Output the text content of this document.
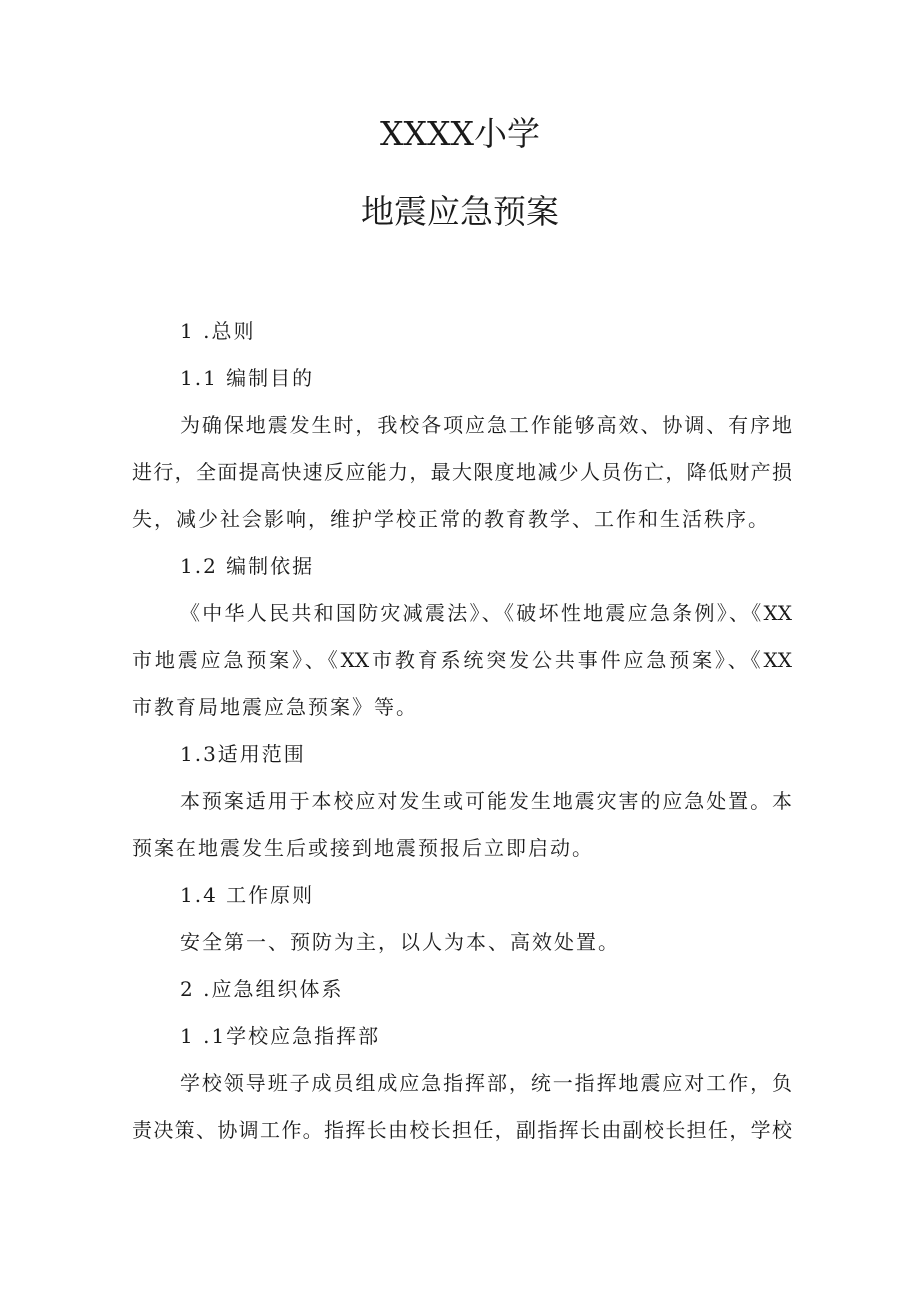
XXXX小学
地震应急预案
1 .总则
1.1 编制目的
为确保地震发生时，我校各项应急工作能够高效、协调、有序地
进行，全面提高快速反应能力，最大限度地减少人员伤亡，降低财产损
失，减少社会影响，维护学校正常的教育教学、工作和生活秩序。
1.2 编制依据
《中华人民共和国防灾减震法》、《破坏性地震应急条例》、《XX
市地震应急预案》、《XX市教育系统突发公共事件应急预案》、《XX
市教育局地震应急预案》等。
1.3适用范围
本预案适用于本校应对发生或可能发生地震灾害的应急处置。本
预案在地震发生后或接到地震预报后立即启动。
1.4 工作原则
安全第一、预防为主，以人为本、高效处置。
2 .应急组织体系
1 .1学校应急指挥部
学校领导班子成员组成应急指挥部，统一指挥地震应对工作，负
责决策、协调工作。指挥长由校长担任，副指挥长由副校长担任，学校
